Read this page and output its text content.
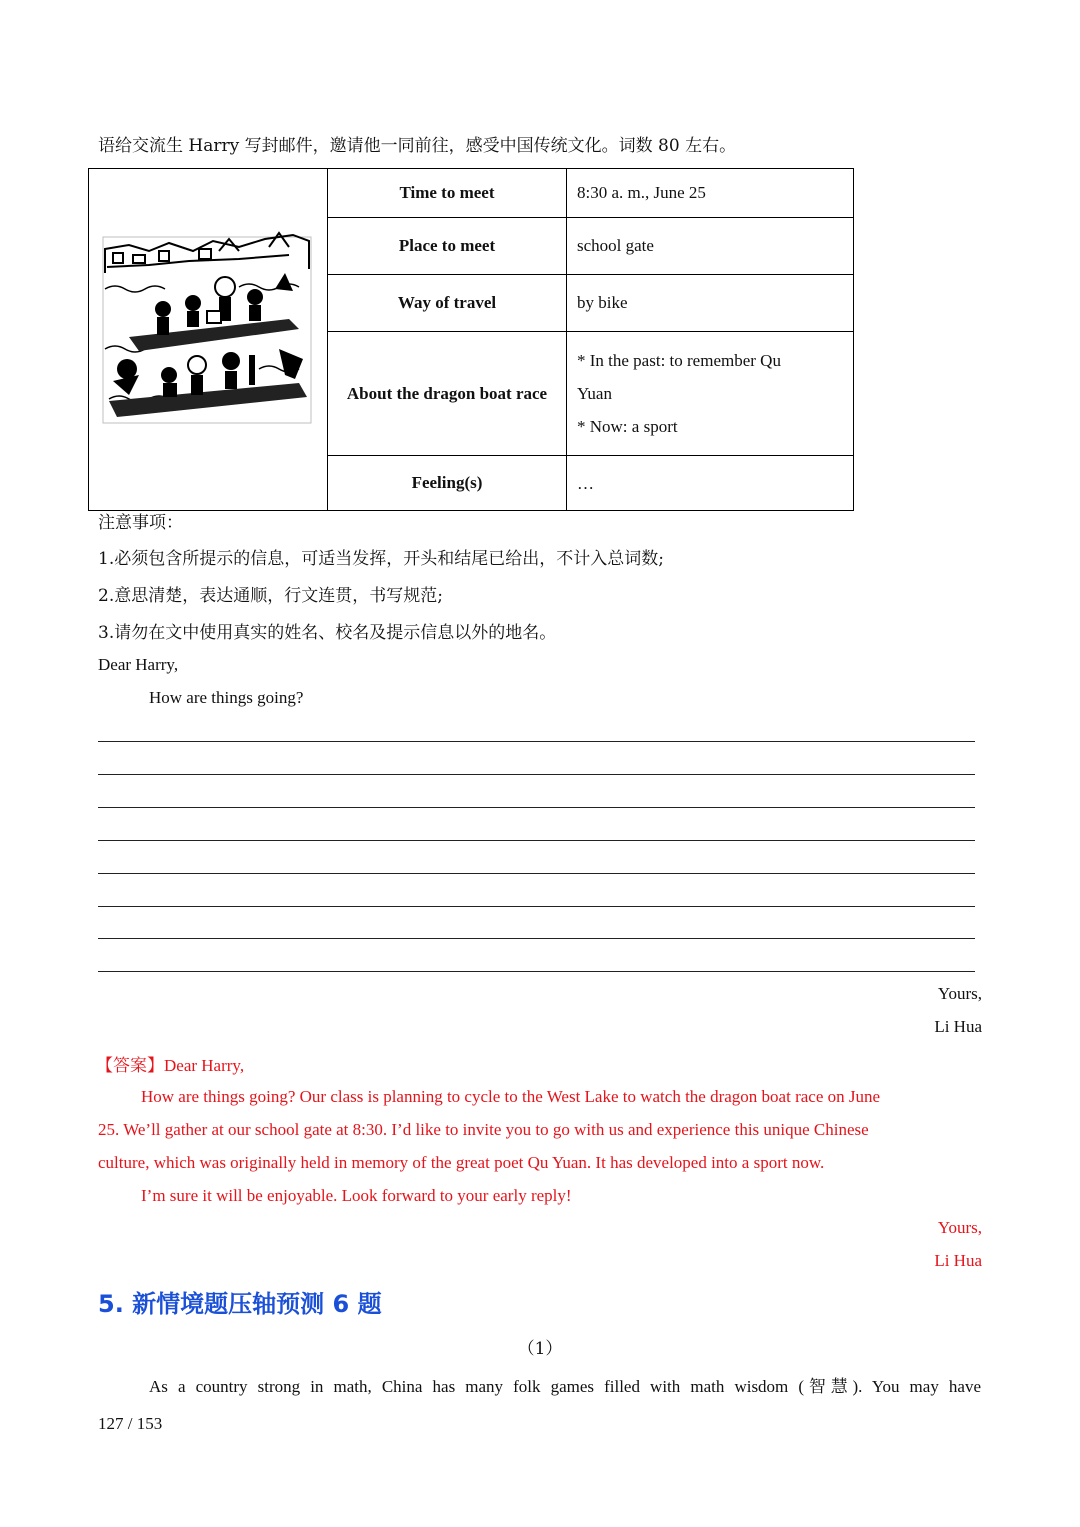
语给交流生 Harry 写封邮件，邀请他一同前往，感受中国传统文化。词数 80 左右。
	Time to meet	8:30 a. m., June 25
	Place to meet	school gate
	Way of travel	by bike
	About the dragon boat race	* In the past: to remember Qu
Yuan
* Now: a sport

	Feeling(s)	…
注意事项：
1.必须包含所提示的信息，可适当发挥，开头和结尾已给出，不计入总词数;
2.意思清楚，表达通顺，行文连贯，书写规范;
3.请勿在文中使用真实的姓名、校名及提示信息以外的地名。
Dear Harry,
How are things going?
Yours,
Li Hua
【答案】Dear Harry,
How are things going? Our class is planning to cycle to the West Lake to watch the dragon boat race on June
25. We’ll gather at our school gate at 8:30. I’d like to invite you to go with us and experience this unique Chinese
culture, which was originally held in memory of the great poet Qu Yuan. It has developed into a sport now.
I’m sure it will be enjoyable. Look forward to your early reply!
Yours,
Li Hua
5. 新情境题压轴预测 6 题
（1）
As a country strong in math, China has many folk games filled with math wisdom (智慧). You may have
127 / 153
